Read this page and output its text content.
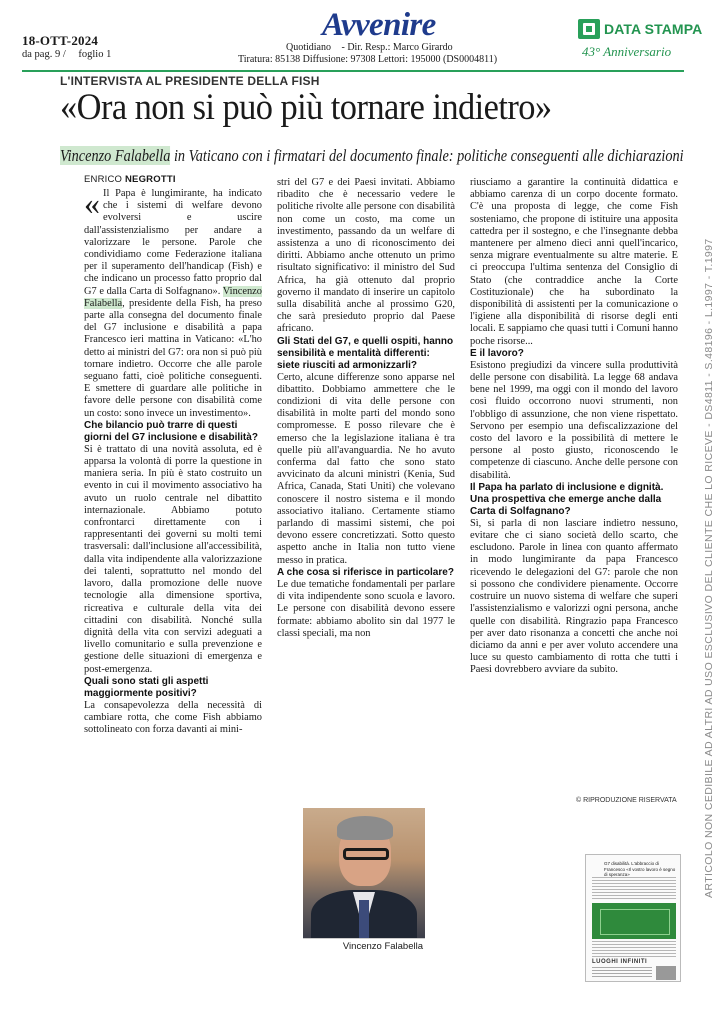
18-OTT-2024
da pag. 9 / foglio 1
Avvenire
Quotidiano - Dir. Resp.: Marco Girardo
Tiratura: 85138 Diffusione: 97308 Lettori: 195000 (DS0004811)
DATA STAMPA
43° Anniversario
L'INTERVISTA AL PRESIDENTE DELLA FISH
«Ora non si può più tornare indietro»
Vincenzo Falabella in Vaticano con i firmatari del documento finale: politiche conseguenti alle dichiarazioni
ENRICO NEGROTTI

« Il Papa è lungimirante, ha indicato che i sistemi di welfare devono evolversi e uscire dall'assistenzialismo per andare a valorizzare le persone. Parole che condividiamo come Federazione italiana per il superamento dell'handicap (Fish) e che indicano un processo fatto proprio dal G7 e dalla Carta di Solfagnano». Vincenzo Falabella, presidente della Fish, ha preso parte alla consegna del documento finale del G7 inclusione e disabilità a papa Francesco ieri mattina in Vaticano: «L'ho detto ai ministri del G7: ora non si può più tornare indietro. Occorre che alle parole seguano fatti, cioè politiche conseguenti. E smettere di guardare alle politiche in favore delle persone con disabilità come un costo: sono invece un investimento».

Che bilancio può trarre di questi giorni del G7 inclusione e disabilità?

Si è trattato di una novità assoluta, ed è apparsa la volontà di porre la questione in maniera seria. In più è stato costruito un evento in cui il movimento associativo ha avuto un ruolo centrale nel dibattito internazionale. Abbiamo potuto confrontarci direttamente con i rappresentanti dei governi su molti temi trasversali: dall'inclusione all'accessibilità, dalla vita indipendente alla valorizzazione dei talenti, soprattutto nel mondo del lavoro, dalla promozione delle nuove tecnologie alla dimensione sportiva, ricreativa e culturale della vita dei cittadini con disabilità. Nonché sulla dignità della vita con servizi adeguati a livello comunitario e sulla prevenzione e gestione delle situazioni di emergenza e post-emergenza.

Quali sono stati gli aspetti maggiormente positivi?

La consapevolezza della necessità di cambiare rotta, che come Fish abbiamo sottolineato con forza davanti ai mini-

stri del G7 e dei Paesi invitati. Abbiamo ribadito che è necessario vedere le politiche rivolte alle persone con disabilità non come un costo, ma come un investimento, passando da un welfare di assistenza a uno di riconoscimento dei diritti. Abbiamo anche ottenuto un primo risultato significativo: il ministro del Sud Africa, ha già ottenuto dal proprio governo il mandato di inserire un capitolo sulla disabilità anche al prossimo G20, che sarà presieduto proprio dal Paese africano.

Gli Stati del G7, e quelli ospiti, hanno sensibilità e mentalità differenti: siete riusciti ad armonizzarli?

Certo, alcune differenze sono apparse nel dibattito. Dobbiamo ammettere che le condizioni di vita delle persone con disabilità in molte parti del mondo sono compromesse. E posso rilevare che è emerso che la legislazione italiana è tra quelle più all'avanguardia. Ne ho avuto conferma dal fatto che sono stato avvicinato da alcuni ministri (Kenia, Sud Africa, Canada, Stati Uniti) che volevano conoscere il nostro sistema e il mondo associativo italiano. Certamente stiamo parlando di massimi sistemi, che poi devono essere concretizzati. Sotto questo aspetto anche in Italia non tutto viene messo in pratica.

A che cosa si riferisce in particolare?

Le due tematiche fondamentali per parlare di vita indipendente sono scuola e lavoro. Le persone con disabilità devono essere formate: abbiamo abolito sin dal 1977 le classi speciali, ma non

riusciamo a garantire la continuità didattica e abbiamo carenza di un corpo docente formato. C'è una proposta di legge, che come Fish sosteniamo, che propone di istituire una apposita cattedra per il sostegno, e che l'insegnante debba mantenere per almeno dieci anni quell'incarico, senza migrare eventualmente su altre materie. E ci preoccupa l'ultima sentenza del Consiglio di Stato (che contraddice anche la Corte Costituzionale) che ha subordinato la disponibilità di assistenti per la comunicazione o l'igiene alla disponibilità di risorse degli enti locali. E sappiamo che quasi tutti i Comuni hanno poche risorse...

E il lavoro?

Esistono pregiudizi da vincere sulla produttività delle persone con disabilità. La legge 68 andava bene nel 1999, ma oggi con il mondo del lavoro così fluido occorrono nuovi strumenti, non l'obbligo di assunzione, che non viene rispettato. Servono per esempio una defiscalizzazione del costo del lavoro e la possibilità di mettere le persone al posto giusto, riconoscendo le competenze di ciascuno. Anche delle persone con disabilità.

Il Papa ha parlato di inclusione e dignità. Una prospettiva che emerge anche dalla Carta di Solfagnano?

Sì, si parla di non lasciare indietro nessuno, evitare che ci siano società dello scarto, che escludono. Parole in linea con quanto affermato in modo lungimirante da papa Francesco ricevendo le delegazioni del G7: parole che non si possono che condividere pienamente. Occorre costruire un nuovo sistema di welfare che superi l'assistenzialismo e valorizzi ogni persona, anche quelle con disabilità. Ringrazio papa Francesco per aver dato risonanza a concetti che anche noi diciamo da anni e per aver voluto accendere una luce su questo cambiamento di rotta che tutti i Paesi dovrebbero avviare da subito.

© RIPRODUZIONE RISERVATA
Vincenzo Falabella
G7 disabilità. L'abbraccio di Francesco «Il vostro lavoro è segno di speranza»
LUOGHI INFINITI
ARTICOLO NON CEDIBILE AD ALTRI AD USO ESCLUSIVO DEL CLIENTE CHE LO RICEVE - DS4811 - S.48196 - L.1997 - T.1997
